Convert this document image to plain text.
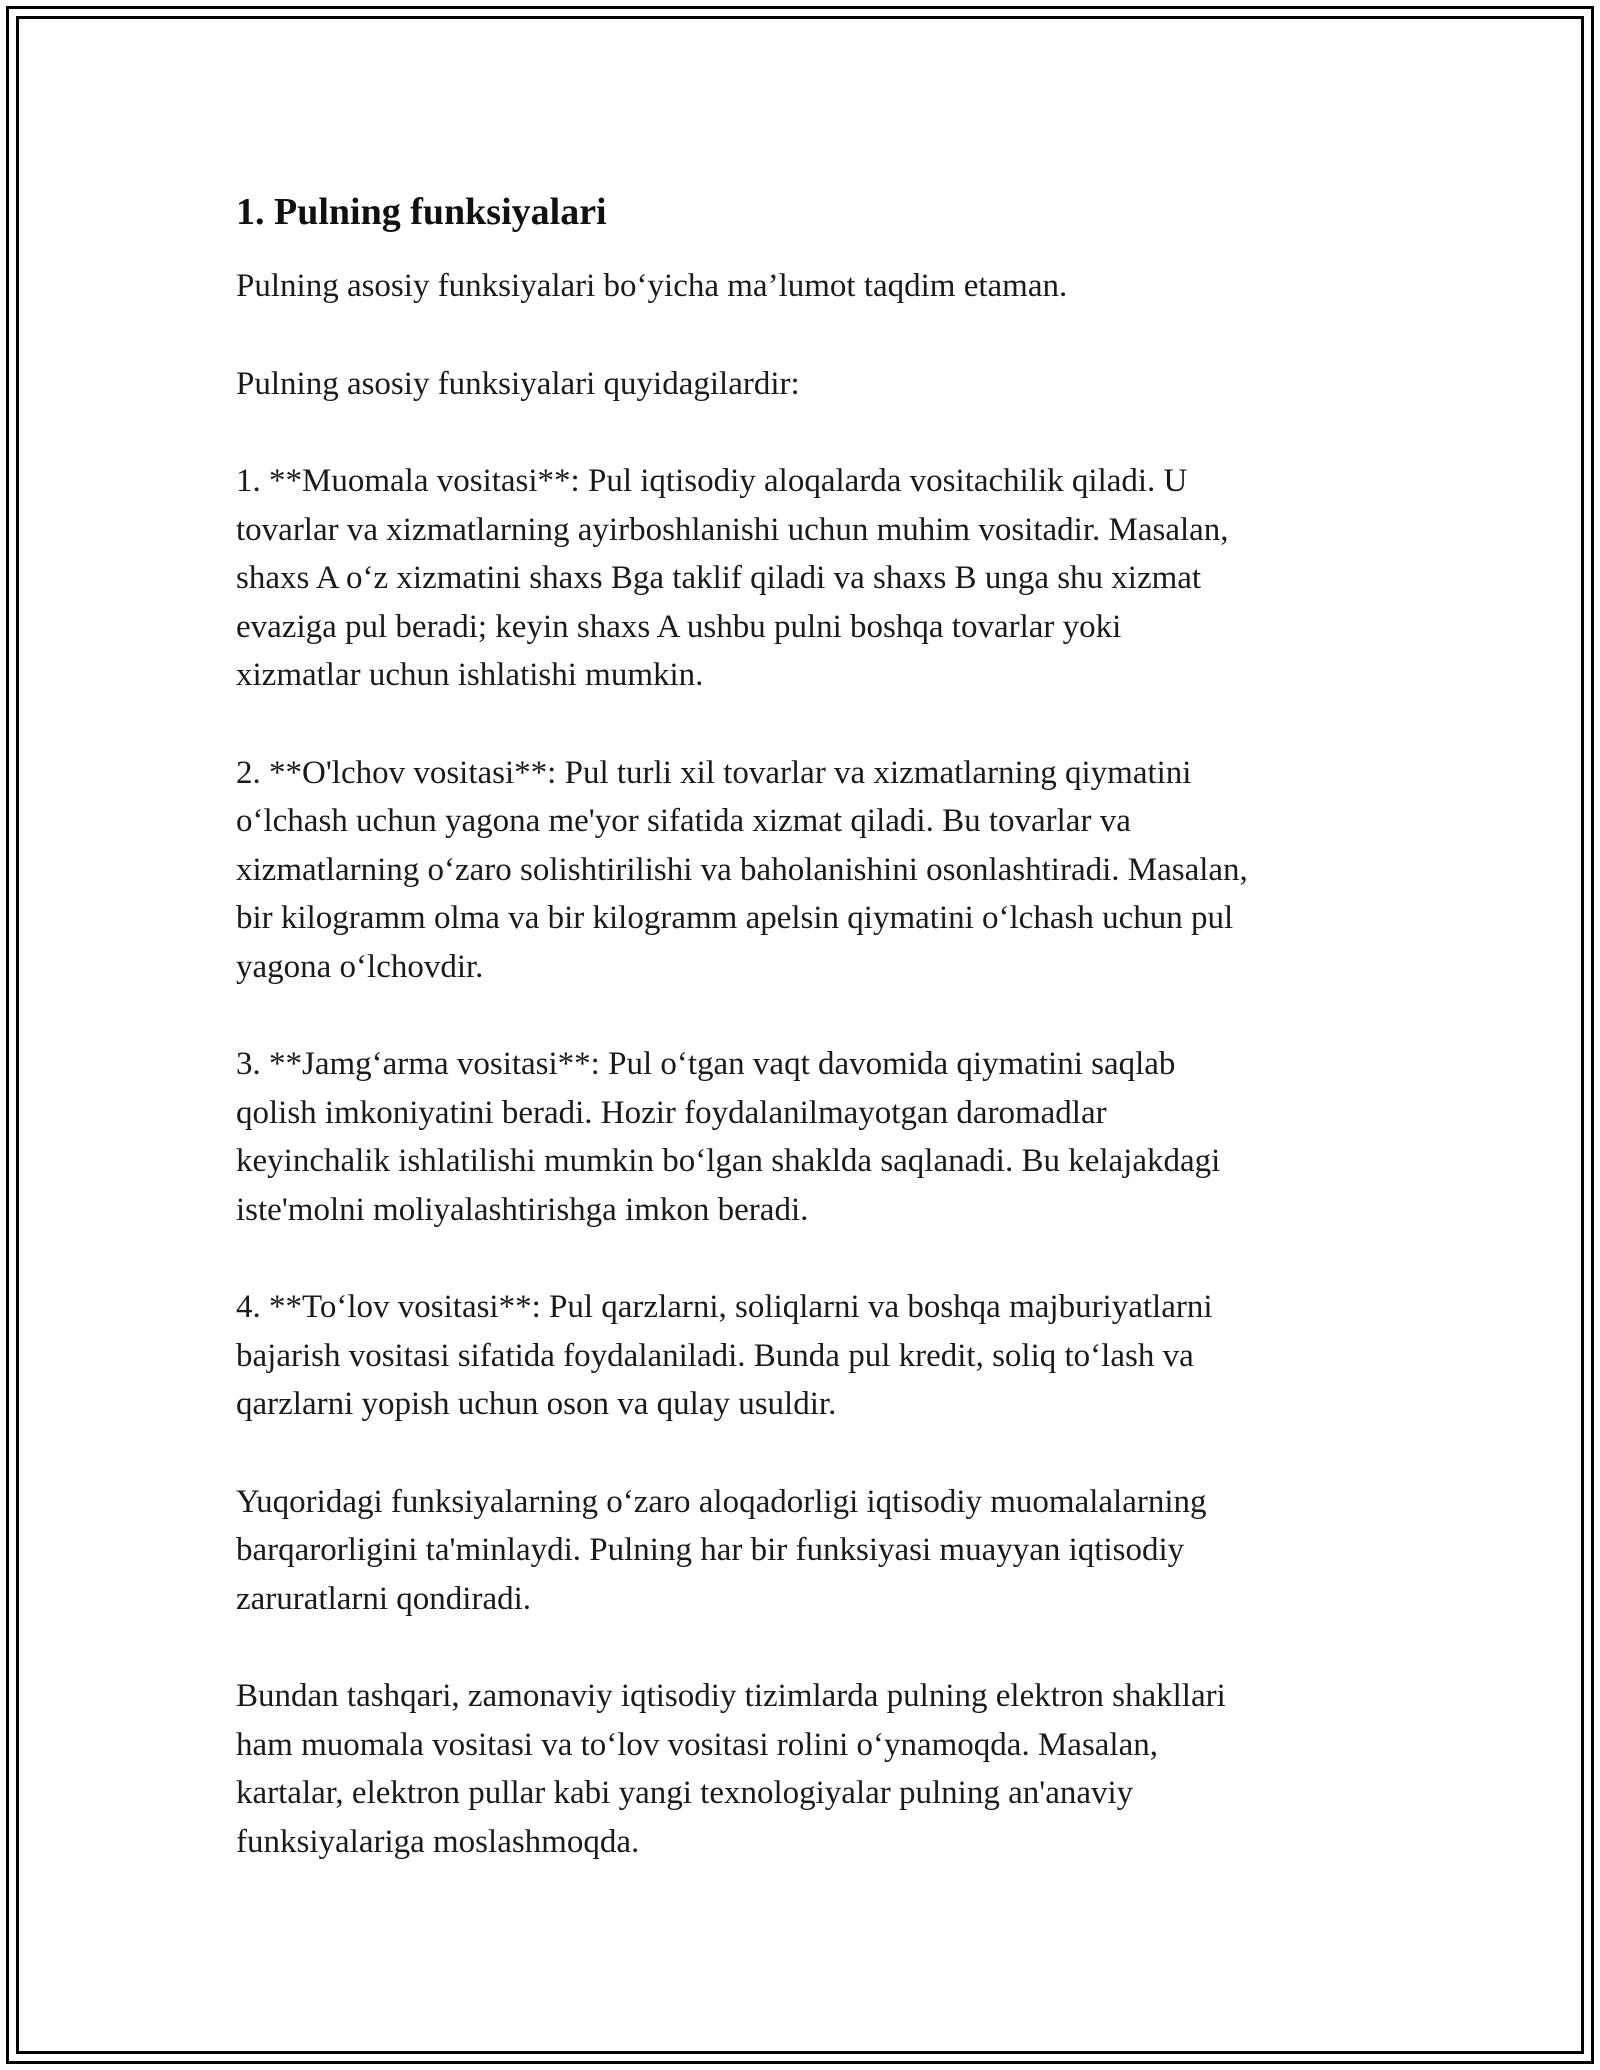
1. Pulning funksiyalari

Pulning asosiy funksiyalari bo‘yicha ma’lumot taqdim etaman.

Pulning asosiy funksiyalari quyidagilardir:

1. **Muomala vositasi**: Pul iqtisodiy aloqalarda vositachilik qiladi. U
tovarlar va xizmatlarning ayirboshlanishi uchun muhim vositadir. Masalan,
shaxs A o‘z xizmatini shaxs Bga taklif qiladi va shaxs B unga shu xizmat
evaziga pul beradi; keyin shaxs A ushbu pulni boshqa tovarlar yoki
xizmatlar uchun ishlatishi mumkin.

2. **O'lchov vositasi**: Pul turli xil tovarlar va xizmatlarning qiymatini
o‘lchash uchun yagona me'yor sifatida xizmat qiladi. Bu tovarlar va
xizmatlarning o‘zaro solishtirilishi va baholanishini osonlashtiradi. Masalan,
bir kilogramm olma va bir kilogramm apelsin qiymatini o‘lchash uchun pul
yagona o‘lchovdir.

3. **Jamg‘arma vositasi**: Pul o‘tgan vaqt davomida qiymatini saqlab
qolish imkoniyatini beradi. Hozir foydalanilmayotgan daromadlar
keyinchalik ishlatilishi mumkin bo‘lgan shaklda saqlanadi. Bu kelajakdagi
iste'molni moliyalashtirishga imkon beradi.

4. **To‘lov vositasi**: Pul qarzlarni, soliqlarni va boshqa majburiyatlarni
bajarish vositasi sifatida foydalaniladi. Bunda pul kredit, soliq to‘lash va
qarzlarni yopish uchun oson va qulay usuldir.

Yuqoridagi funksiyalarning o‘zaro aloqadorligi iqtisodiy muomalalarning
barqarorligini ta'minlaydi. Pulning har bir funksiyasi muayyan iqtisodiy
zaruratlarni qondiradi.

Bundan tashqari, zamonaviy iqtisodiy tizimlarda pulning elektron shakllari
ham muomala vositasi va to‘lov vositasi rolini o‘ynamoqda. Masalan,
kartalar, elektron pullar kabi yangi texnologiyalar pulning an'anaviy
funksiyalariga moslashmoqda.
